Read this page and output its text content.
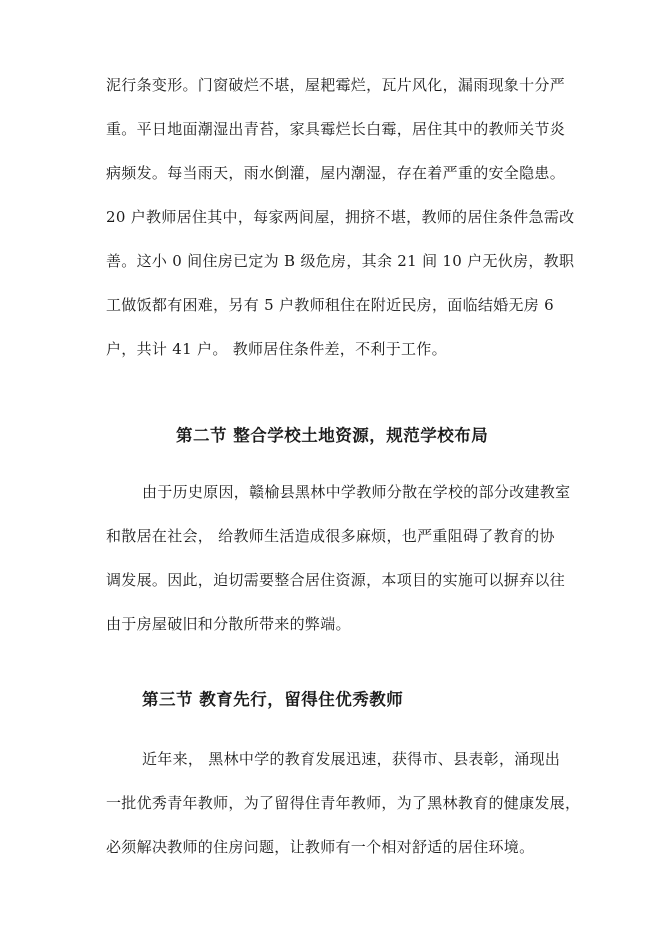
泥行条变形。门窗破烂不堪，屋耙霉烂，瓦片风化，漏雨现象十分严
重。平日地面潮湿出青苔，家具霉烂长白霉，居住其中的教师关节炎
病频发。每当雨天，雨水倒灌，屋内潮湿，存在着严重的安全隐患。
20 户教师居住其中，每家两间屋，拥挤不堪，教师的居住条件急需改
善。这小 0 间住房已定为 B 级危房，其余 21 间 10 户无伙房，教职
工做饭都有困难，另有 5 户教师租住在附近民房，面临结婚无房 6
户，共计 41 户。 教师居住条件差，不利于工作。
第二节 整合学校土地资源，规范学校布局
由于历史原因，赣榆县黑林中学教师分散在学校的部分改建教室
和散居在社会， 给教师生活造成很多麻烦，也严重阻碍了教育的协
调发展。因此，迫切需要整合居住资源，本项目的实施可以摒弃以往
由于房屋破旧和分散所带来的弊端。
第三节 教育先行，留得住优秀教师
近年来， 黑林中学的教育发展迅速，获得市、县表彰，涌现出
一批优秀青年教师，为了留得住青年教师，为了黑林教育的健康发展，
必须解决教师的住房问题，让教师有一个相对舒适的居住环境。
